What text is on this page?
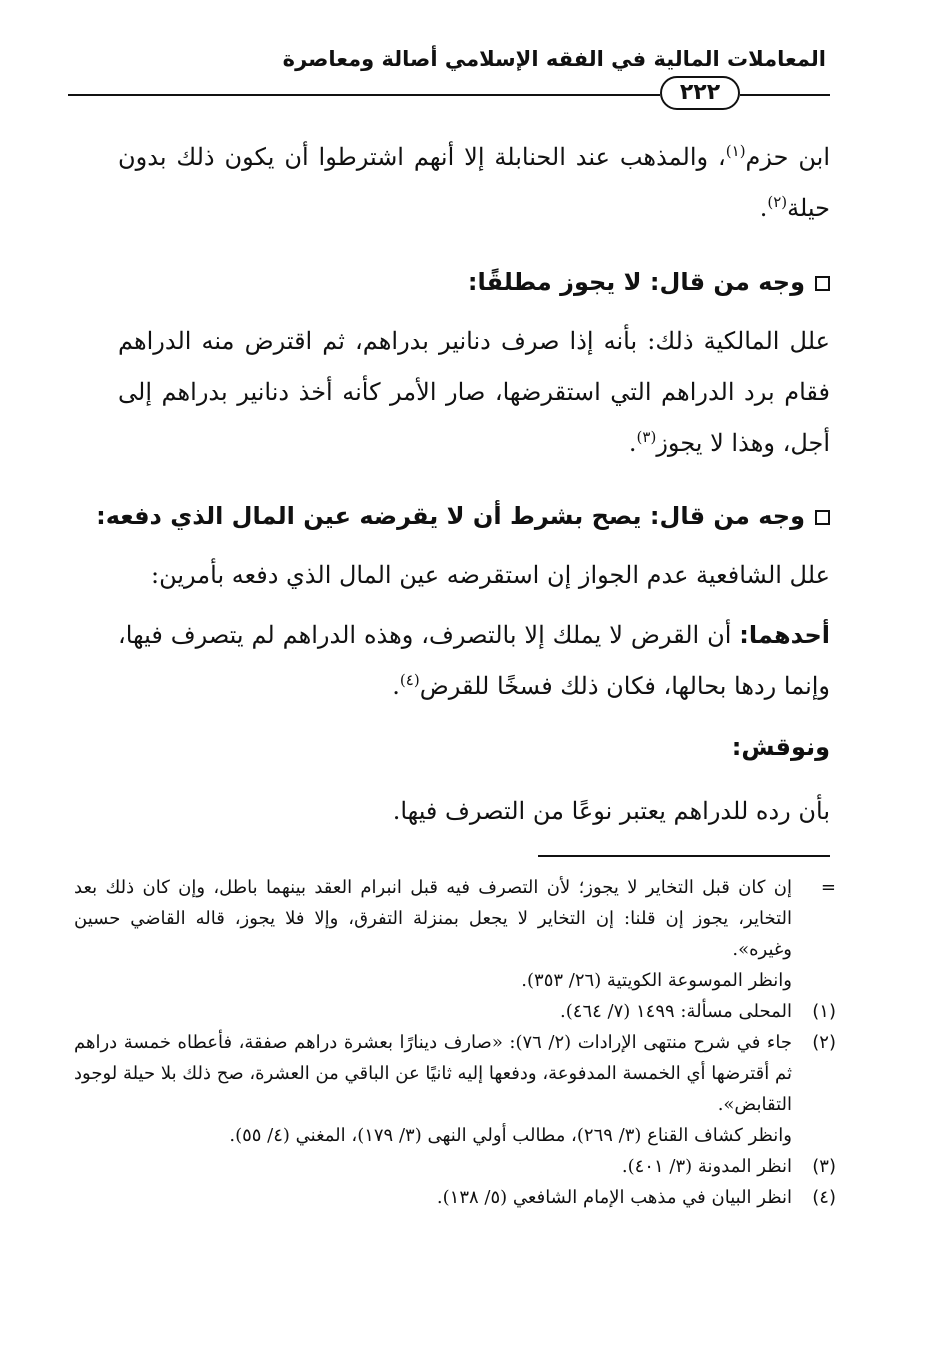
المعاملات المالية في الفقه الإسلامي أصالة ومعاصرة
٢٢٢

ابن حزم$^{(١)}$، والمذهب عند الحنابلة إلا أنهم اشترطوا أن يكون ذلك بدون حيلة$^{(٢)}$.

وجه من قال: لا يجوز مطلقًا:

علل المالكية ذلك: بأنه إذا صرف دنانير بدراهم، ثم اقترض منه الدراهم فقام برد الدراهم التي استقرضها، صار الأمر كأنه أخذ دنانير بدراهم إلى أجل، وهذا لا يجوز$^{(٣)}$.

وجه من قال: يصح بشرط أن لا يقرضه عين المال الذي دفعه:

علل الشافعية عدم الجواز إن استقرضه عين المال الذي دفعه بأمرين:

أحدهما: أن القرض لا يملك إلا بالتصرف، وهذه الدراهم لم يتصرف فيها، وإنما ردها بحالها، فكان ذلك فسخًا للقرض$^{(٤)}$.

ونوقش:

بأن رده للدراهم يعتبر نوعًا من التصرف فيها.

=

إن كان قبل التخاير لا يجوز؛ لأن التصرف فيه قبل انبرام العقد بينهما باطل، وإن كان ذلك بعد التخاير، يجوز إن قلنا: إن التخاير لا يجعل بمنزلة التفرق، وإلا فلا يجوز، قاله القاضي حسين وغيره».

وانظر الموسوعة الكويتية (٢٦/ ٣٥٣).

(١)

المحلى مسألة: ١٤٩٩ (٧/ ٤٦٤).

(٢)

جاء في شرح منتهى الإرادات (٢/ ٧٦): «صارف دينارًا بعشرة دراهم صفقة، فأعطاه خمسة دراهم ثم أقترضها أي الخمسة المدفوعة، ودفعها إليه ثانيًا عن الباقي من العشرة، صح ذلك بلا حيلة لوجود التقابض».

وانظر كشاف القناع (٣/ ٢٦٩)، مطالب أولي النهى (٣/ ١٧٩)، المغني (٤/ ٥٥).

(٣)

انظر المدونة (٣/ ٤٠١).

(٤)

انظر البيان في مذهب الإمام الشافعي (٥/ ١٣٨).
